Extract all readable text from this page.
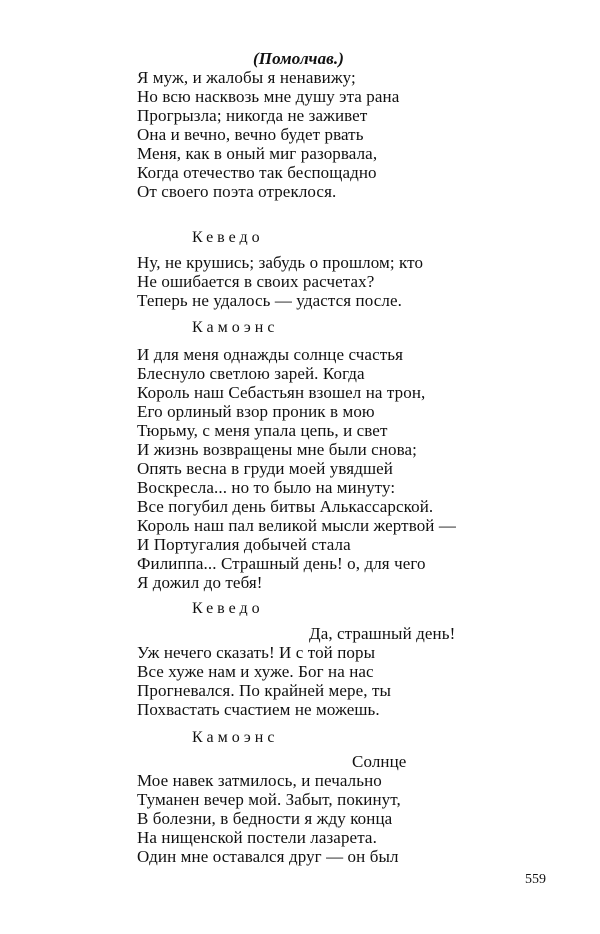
(Помолчав.)
Я муж, и жалобы я ненавижу;
Но всю насквозь мне душу эта рана
Прогрызла; никогда не заживет
Она и вечно, вечно будет рвать
Меня, как в оный миг разорвала,
Когда отечество так беспощадно
От своего поэта отреклося.
Кеведо
Ну, не крушись; забудь о прошлом; кто
Не ошибается в своих расчетах?
Теперь не удалось — удастся после.
Камоэнс
И для меня однажды солнце счастья
Блеснуло светлою зарей. Когда
Король наш Себастьян взошел на трон,
Его орлиный взор проник в мою
Тюрьму, с меня упала цепь, и свет
И жизнь возвращены мне были снова;
Опять весна в груди моей увядшей
Воскресла... но то было на минуту:
Все погубил день битвы Алькассарской.
Король наш пал великой мысли жертвой —
И Португалия добычей стала
Филиппа... Страшный день! о, для чего
Я дожил до тебя!
Кеведо
Да, страшный день!
Уж нечего сказать! И с той поры
Все хуже нам и хуже. Бог на нас
Прогневался. По крайней мере, ты
Похвастать счастием не можешь.
Камоэнс
Солнце
Мое навек затмилось, и печально
Туманен вечер мой. Забыт, покинут,
В болезни, в бедности я жду конца
На нищенской постели лазарета.
Один мне оставался друг — он был
559
